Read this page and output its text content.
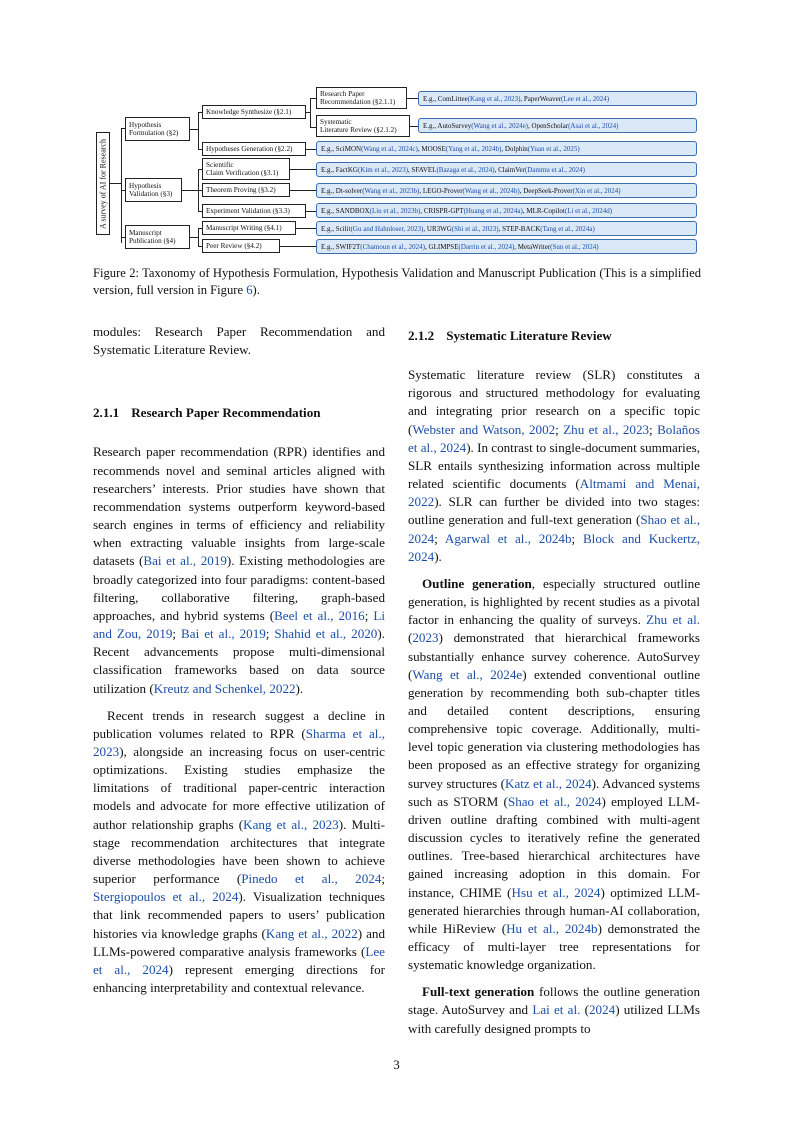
A survey of AI for Research
Hypothesis
Formulation (§2)
Hypothesis
Validation (§3)
Manuscript
Publication (§4)
Knowledge Synthesize (§2.1)
Hypotheses Generation (§2.2)
Scientific
Claim Verification (§3.1)
Theorem Proving (§3.2)
Experiment Validation (§3.3)
Manuscript Writing (§4.1)
Peer Review (§4.2)
Research Paper
Recommendation (§2.1.1)
Systematic
Literature Review (§2.1.2)
E.g., ComLittee (Kang et al., 2023) , PaperWeaver (Lee et al., 2024)
E.g., AutoSurvey (Wang et al., 2024e) , OpenScholar (Asai et al., 2024)
E.g., SciMON (Wang et al., 2024c) , MOOSE (Yang et al., 2024b) , Dolphin (Yuan et al., 2025)
E.g., FactKG (Kim et al., 2023) , SFAVEL (Bazaga et al., 2024) , ClaimVer (Dammu et al., 2024)
E.g., Dt-solver (Wang et al., 2023b) , LEGO-Prover (Wang et al., 2024b) , DeepSeek-Prover (Xin et al., 2024)
E.g., SANDBOX (Liu et al., 2023b) , CRISPR-GPT (Huang et al., 2024a) , MLR-Copilot (Li et al., 2024d)
E.g., Scilit (Gu and Hahnloser, 2023) , UR3WG (Shi et al., 2023) , STEP-BACK (Tang et al., 2024a)
E.g., SWIF2T (Chamoun et al., 2024) , GLIMPSE (Darrin et al., 2024) , MetaWriter (Sun et al., 2024)

Figure 2: Taxonomy of Hypothesis Formulation, Hypothesis Validation and Manuscript Publication (This is a simplified version, full version in Figure 6).

modules: Research Paper Recommendation and Systematic Literature Review.

2.1.1 Research Paper Recommendation

Research paper recommendation (RPR) identifies and recommends novel and seminal articles aligned with researchers’ interests. Prior studies have shown that recommendation systems outperform keyword-based search engines in terms of efficiency and reliability when extracting valuable insights from large-scale datasets (Bai et al., 2019). Existing methodologies are broadly categorized into four paradigms: content-based filtering, collaborative filtering, graph-based approaches, and hybrid systems (Beel et al., 2016; Li and Zou, 2019; Bai et al., 2019; Shahid et al., 2020). Recent advancements propose multi-dimensional classification frameworks based on data source utilization (Kreutz and Schenkel, 2022).

Recent trends in research suggest a decline in publication volumes related to RPR (Sharma et al., 2023), alongside an increasing focus on user-centric optimizations. Existing studies emphasize the limitations of traditional paper-centric interaction models and advocate for more effective utilization of author relationship graphs (Kang et al., 2023). Multi-stage recommendation architectures that integrate diverse methodologies have been shown to achieve superior performance (Pinedo et al., 2024; Stergiopoulos et al., 2024). Visualization techniques that link recommended papers to users’ publication histories via knowledge graphs (Kang et al., 2022) and LLMs-powered comparative analysis frameworks (Lee et al., 2024) represent emerging directions for enhancing interpretability and contextual relevance.

2.1.2 Systematic Literature Review

Systematic literature review (SLR) constitutes a rigorous and structured methodology for evaluating and integrating prior research on a specific topic (Webster and Watson, 2002; Zhu et al., 2023; Bolaños et al., 2024). In contrast to single-document summaries, SLR entails synthesizing information across multiple related scientific documents (Altmami and Menai, 2022). SLR can further be divided into two stages: outline generation and full-text generation (Shao et al., 2024; Agarwal et al., 2024b; Block and Kuckertz, 2024).

Outline generation, especially structured outline generation, is highlighted by recent studies as a pivotal factor in enhancing the quality of surveys. Zhu et al. (2023) demonstrated that hierarchical frameworks substantially enhance survey coherence. AutoSurvey (Wang et al., 2024e) extended conventional outline generation by recommending both sub-chapter titles and detailed content descriptions, ensuring comprehensive topic coverage. Additionally, multi-level topic generation via clustering methodologies has been proposed as an effective strategy for organizing survey structures (Katz et al., 2024). Advanced systems such as STORM (Shao et al., 2024) employed LLM-driven outline drafting combined with multi-agent discussion cycles to iteratively refine the generated outlines. Tree-based hierarchical architectures have gained increasing adoption in this domain. For instance, CHIME (Hsu et al., 2024) optimized LLM-generated hierarchies through human-AI collaboration, while HiReview (Hu et al., 2024b) demonstrated the efficacy of multi-layer tree representations for systematic knowledge organization.

Full-text generation follows the outline generation stage. AutoSurvey and Lai et al. (2024) utilized LLMs with carefully designed prompts to

3
